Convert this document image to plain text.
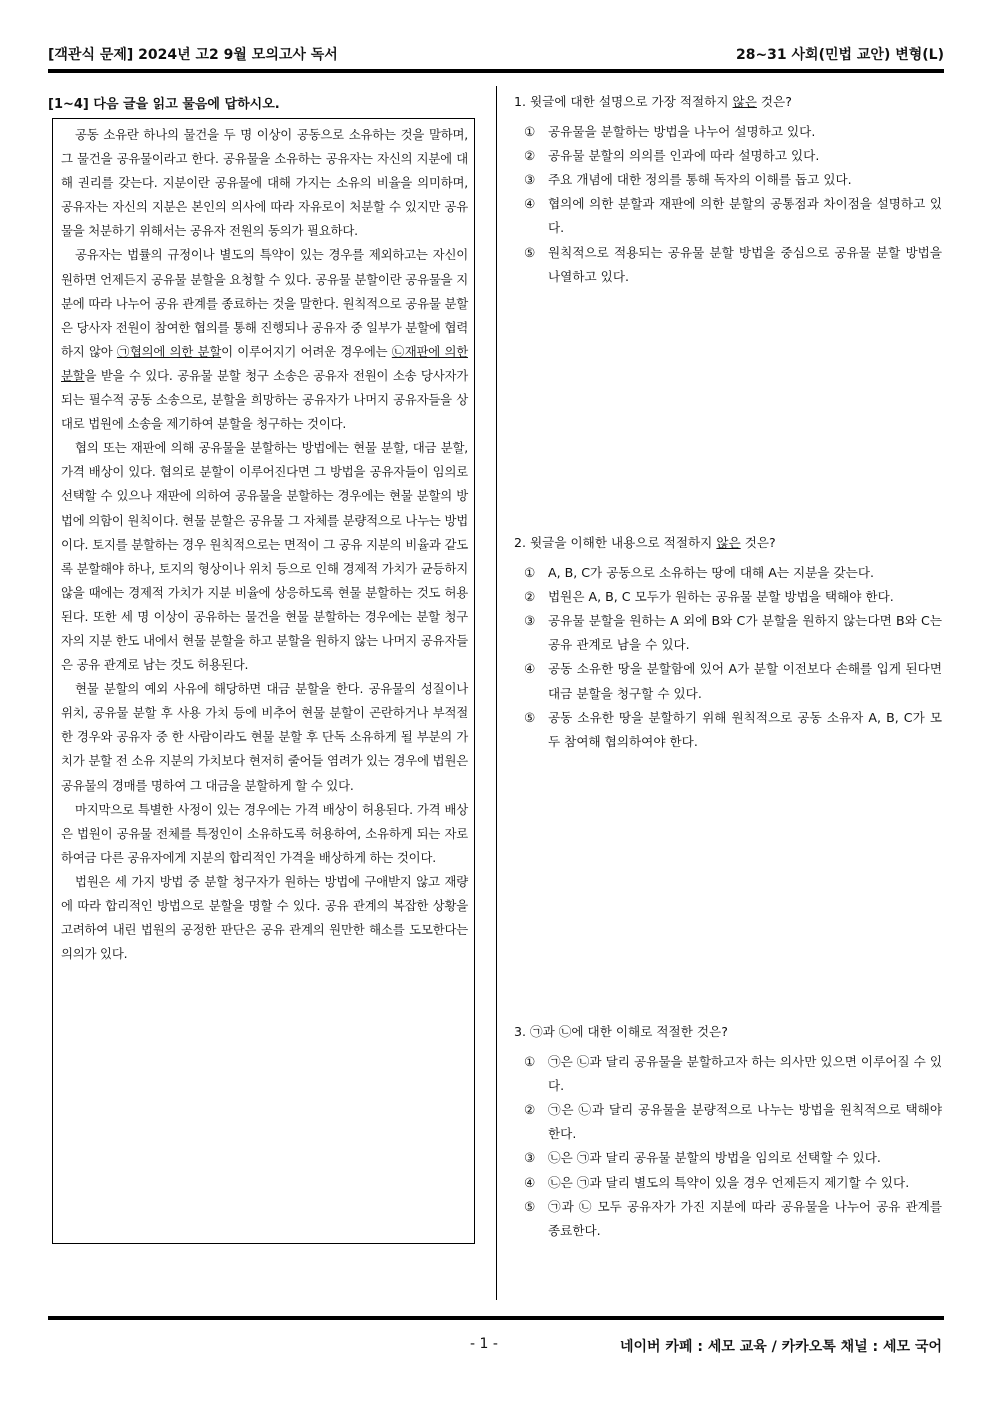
[객관식 문제] 2024년 고2 9월 모의고사 독서	28~31 사회(민법 교안) 변형(L)
[1~4] 다음 글을 읽고 물음에 답하시오.

공동 소유란 하나의 물건을 두 명 이상이 공동으로 소유하는 것을 말하며, 그 물건을 공유물이라고 한다. 공유물을 소유하는 공유자는 자신의 지분에 대해 권리를 갖는다. 지분이란 공유물에 대해 가지는 소유의 비율을 의미하며, 공유자는 자신의 지분은 본인의 의사에 따라 자유로이 처분할 수 있지만 공유물을 처분하기 위해서는 공유자 전원의 동의가 필요하다.

공유자는 법률의 규정이나 별도의 특약이 있는 경우를 제외하고는 자신이 원하면 언제든지 공유물 분할을 요청할 수 있다. 공유물 분할이란 공유물을 지분에 따라 나누어 공유 관계를 종료하는 것을 말한다. 원칙적으로 공유물 분할은 당사자 전원이 참여한 협의를 통해 진행되나 공유자 중 일부가 분할에 협력하지 않아 ㉠협의에 의한 분할이 이루어지기 어려운 경우에는 ㉡재판에 의한 분할을 받을 수 있다. 공유물 분할 청구 소송은 공유자 전원이 소송 당사자가 되는 필수적 공동 소송으로, 분할을 희망하는 공유자가 나머지 공유자들을 상대로 법원에 소송을 제기하여 분할을 청구하는 것이다.

협의 또는 재판에 의해 공유물을 분할하는 방법에는 현물 분할, 대금 분할, 가격 배상이 있다. 협의로 분할이 이루어진다면 그 방법을 공유자들이 임의로 선택할 수 있으나 재판에 의하여 공유물을 분할하는 경우에는 현물 분할의 방법에 의함이 원칙이다. 현물 분할은 공유물 그 자체를 분량적으로 나누는 방법이다. 토지를 분할하는 경우 원칙적으로는 면적이 그 공유 지분의 비율과 같도록 분할해야 하나, 토지의 형상이나 위치 등으로 인해 경제적 가치가 균등하지 않을 때에는 경제적 가치가 지분 비율에 상응하도록 현물 분할하는 것도 허용된다. 또한 세 명 이상이 공유하는 물건을 현물 분할하는 경우에는 분할 청구자의 지분 한도 내에서 현물 분할을 하고 분할을 원하지 않는 나머지 공유자들은 공유 관계로 남는 것도 허용된다.

현물 분할의 예외 사유에 해당하면 대금 분할을 한다. 공유물의 성질이나 위치, 공유물 분할 후 사용 가치 등에 비추어 현물 분할이 곤란하거나 부적절한 경우와 공유자 중 한 사람이라도 현물 분할 후 단독 소유하게 될 부분의 가치가 분할 전 소유 지분의 가치보다 현저히 줄어들 염려가 있는 경우에 법원은 공유물의 경매를 명하여 그 대금을 분할하게 할 수 있다.

마지막으로 특별한 사정이 있는 경우에는 가격 배상이 허용된다. 가격 배상은 법원이 공유물 전체를 특정인이 소유하도록 허용하여, 소유하게 되는 자로 하여금 다른 공유자에게 지분의 합리적인 가격을 배상하게 하는 것이다.

법원은 세 가지 방법 중 분할 청구자가 원하는 방법에 구애받지 않고 재량에 따라 합리적인 방법으로 분할을 명할 수 있다. 공유 관계의 복잡한 상황을 고려하여 내린 법원의 공정한 판단은 공유 관계의 원만한 해소를 도모한다는 의의가 있다.

1. 윗글에 대한 설명으로 가장 적절하지 않은 것은?
① 공유물을 분할하는 방법을 나누어 설명하고 있다.
② 공유물 분할의 의의를 인과에 따라 설명하고 있다.
③ 주요 개념에 대한 정의를 통해 독자의 이해를 돕고 있다.
④ 협의에 의한 분할과 재판에 의한 분할의 공통점과 차이점을 설명하고 있다.
⑤ 원칙적으로 적용되는 공유물 분할 방법을 중심으로 공유물 분할 방법을 나열하고 있다.
2. 윗글을 이해한 내용으로 적절하지 않은 것은?
① A, B, C가 공동으로 소유하는 땅에 대해 A는 지분을 갖는다.
② 법원은 A, B, C 모두가 원하는 공유물 분할 방법을 택해야 한다.
③ 공유물 분할을 원하는 A 외에 B와 C가 분할을 원하지 않는다면 B와 C는 공유 관계로 남을 수 있다.
④ 공동 소유한 땅을 분할함에 있어 A가 분할 이전보다 손해를 입게 된다면 대금 분할을 청구할 수 있다.
⑤ 공동 소유한 땅을 분할하기 위해 원칙적으로 공동 소유자 A, B, C가 모두 참여해 협의하여야 한다.
3. ㉠과 ㉡에 대한 이해로 적절한 것은?
① ㉠은 ㉡과 달리 공유물을 분할하고자 하는 의사만 있으면 이루어질 수 있다.
② ㉠은 ㉡과 달리 공유물을 분량적으로 나누는 방법을 원칙적으로 택해야 한다.
③ ㉡은 ㉠과 달리 공유물 분할의 방법을 임의로 선택할 수 있다.
④ ㉡은 ㉠과 달리 별도의 특약이 있을 경우 언제든지 제기할 수 있다.
⑤ ㉠과 ㉡ 모두 공유자가 가진 지분에 따라 공유물을 나누어 공유 관계를 종료한다.
- 1 -	네이버 카페 : 세모 교육 / 카카오톡 채널 : 세모 국어
